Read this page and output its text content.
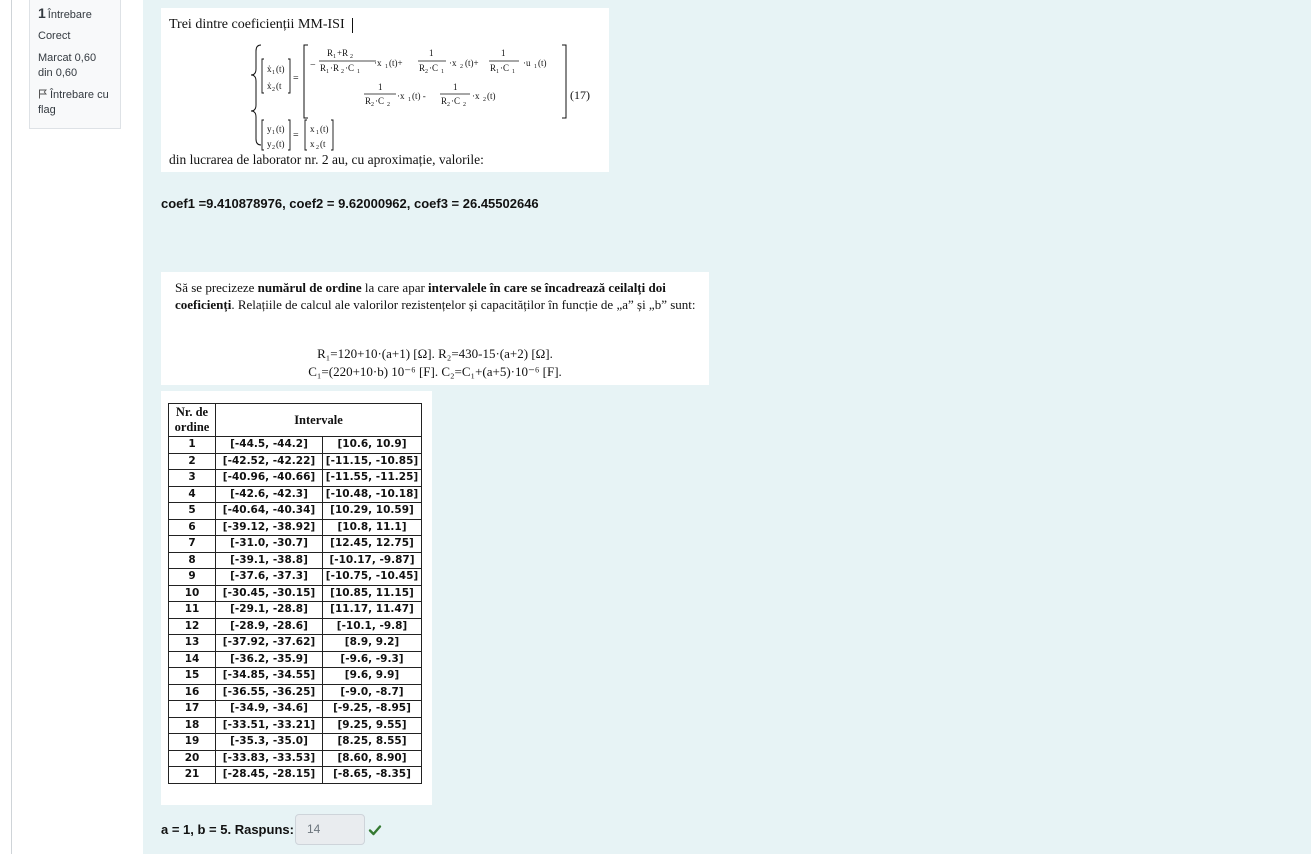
1 Întrebare
Corect
Marcat 0,60 din 0,60
Întrebare cu flag
Trei dintre coeficienții MM-ISI
ẋ 1 (t)
ẋ 2 (t
=
−
R 1 +R 2
R 1 ·R 2 ·C 1
·x 1 (t)+
1
R 2 ·C 1
·x 2 (t)+
1
R 1 ·C 1
·u 1 (t)
1
R 2 ·C 2
·x 1 (t) -
1
R 2 ·C 2
·x 2 (t)
y 1 (t)
y 2 (t)
=
x 1 (t)
x 2 (t
(17)
din lucrarea de laborator nr. 2 au, cu aproximație, valorile:
coef1 =9.410878976, coef2 = 9.62000962, coef3 = 26.45502646
Să se precizeze numărul de ordine la care apar intervalele în care se încadrează ceilalți doi coeficienți. Relațiile de calcul ale valorilor rezistențelor și capacităților în funcție de „a” și „b” sunt:
R₁=120+10·(a+1) [Ω]. R₂=430-15·(a+2) [Ω].
C₁=(220+10·b) 10⁻⁶ [F]. C₂=C₁+(a+5)·10⁻⁶ [F].
Nr. de ordine	Intervale	
1	[-44.5, -44.2]	[10.6, 10.9]
2	[-42.52, -42.22]	[-11.15, -10.85]
3	[-40.96, -40.66]	[-11.55, -11.25]
4	[-42.6, -42.3]	[-10.48, -10.18]
5	[-40.64, -40.34]	[10.29, 10.59]
6	[-39.12, -38.92]	[10.8, 11.1]
7	[-31.0, -30.7]	[12.45, 12.75]
8	[-39.1, -38.8]	[-10.17, -9.87]
9	[-37.6, -37.3]	[-10.75, -10.45]
10	[-30.45, -30.15]	[10.85, 11.15]
11	[-29.1, -28.8]	[11.17, 11.47]
12	[-28.9, -28.6]	[-10.1, -9.8]
13	[-37.92, -37.62]	[8.9, 9.2]
14	[-36.2, -35.9]	[-9.6, -9.3]
15	[-34.85, -34.55]	[9.6, 9.9]
16	[-36.55, -36.25]	[-9.0, -8.7]
17	[-34.9, -34.6]	[-9.25, -8.95]
18	[-33.51, -33.21]	[9.25, 9.55]
19	[-35.3, -35.0]	[8.25, 8.55]
20	[-33.83, -33.53]	[8.60, 8.90]
21	[-28.45, -28.15]	[-8.65, -8.35]
a = 1, b = 5. Raspuns:	14
